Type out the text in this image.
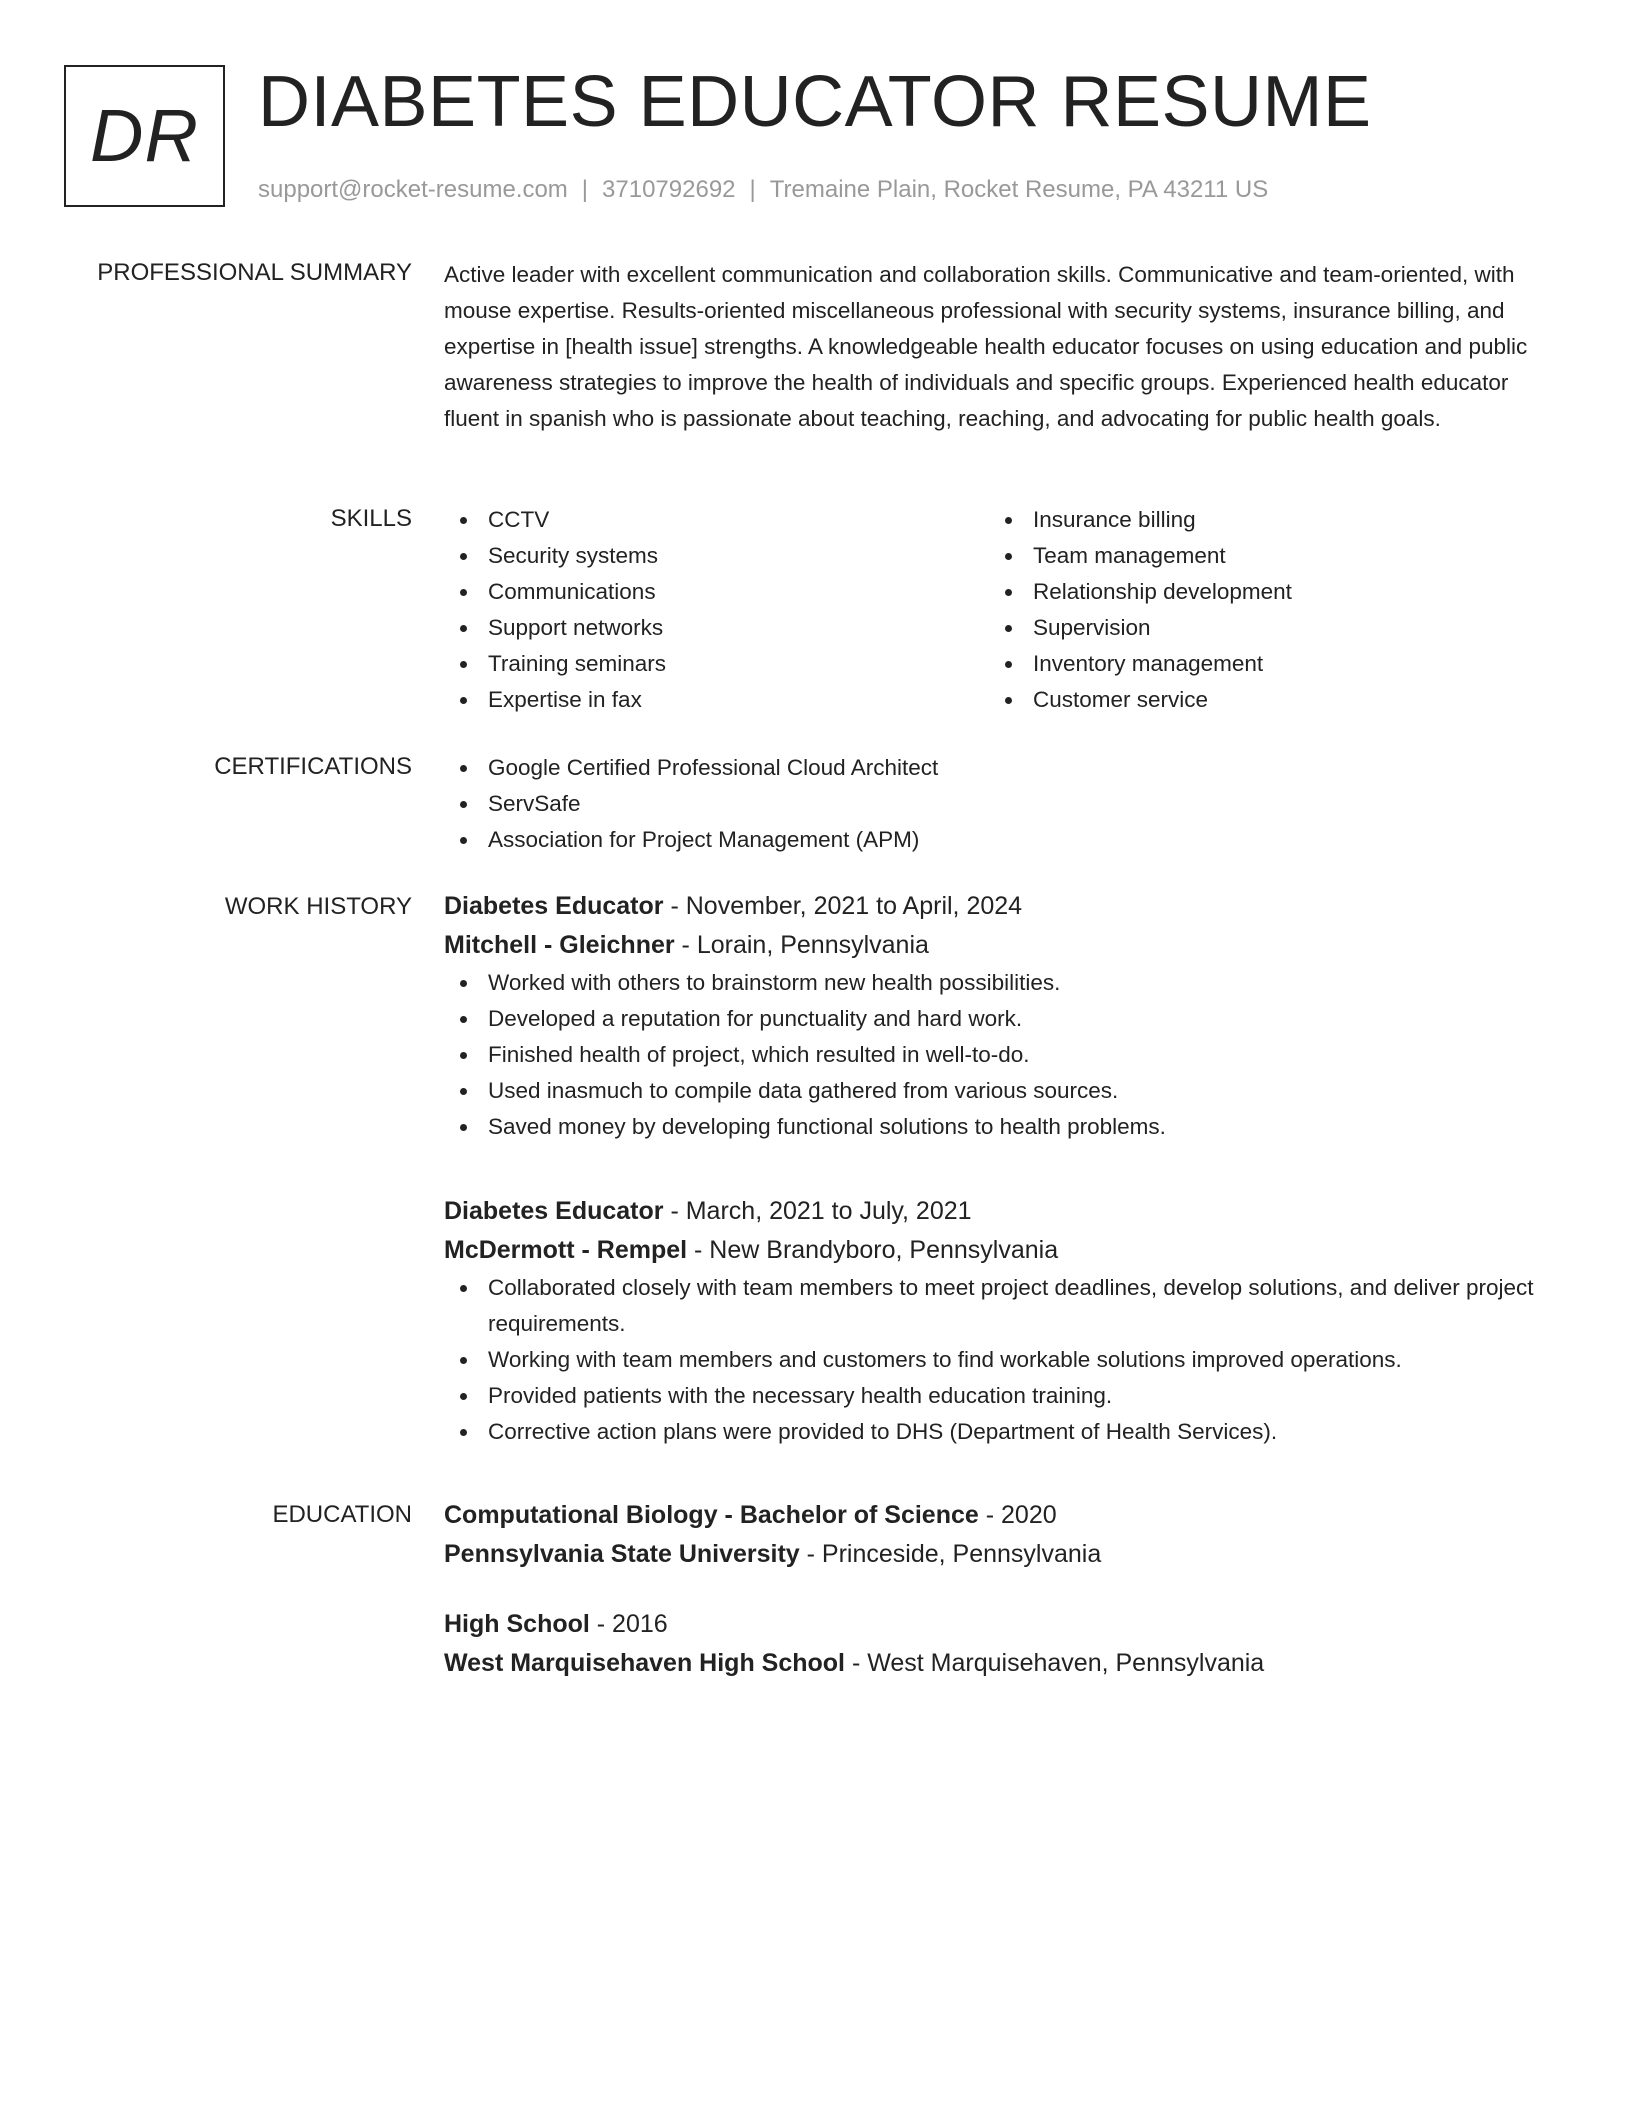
DR DIABETES EDUCATOR RESUME
support@rocket-resume.com | 3710792692 | Tremaine Plain, Rocket Resume, PA 43211 US
PROFESSIONAL SUMMARY Active leader with excellent communication and collaboration skills. Communicative and team-oriented, with mouse expertise. Results-oriented miscellaneous professional with security systems, insurance billing, and expertise in [health issue] strengths. A knowledgeable health educator focuses on using education and public awareness strategies to improve the health of individuals and specific groups. Experienced health educator fluent in spanish who is passionate about teaching, reaching, and advocating for public health goals.

SKILLS	CCTV
Security systems
Communications
Support networks
Training seminars
Expertise in fax
Insurance billing
Team management
Relationship development
Supervision
Inventory management
Customer service
CERTIFICATIONS	Google Certified Professional Cloud Architect
ServSafe
Association for Project Management (APM)
WORK HISTORY Diabetes Educator - November, 2021 to April, 2024
Mitchell - Gleichner - Lorain, Pennsylvania
Worked with others to brainstorm new health possibilities.
Developed a reputation for punctuality and hard work.
Finished health of project, which resulted in well-to-do.
Used inasmuch to compile data gathered from various sources.
Saved money by developing functional solutions to health problems.
Diabetes Educator - March, 2021 to July, 2021
McDermott - Rempel - New Brandyboro, Pennsylvania
Collaborated closely with team members to meet project deadlines, develop solutions, and deliver project requirements.
Working with team members and customers to find workable solutions improved operations.
Provided patients with the necessary health education training.
Corrective action plans were provided to DHS (Department of Health Services).
EDUCATION Computational Biology - Bachelor of Science - 2020
Pennsylvania State University - Princeside, Pennsylvania
High School - 2016
West Marquisehaven High School - West Marquisehaven, Pennsylvania
